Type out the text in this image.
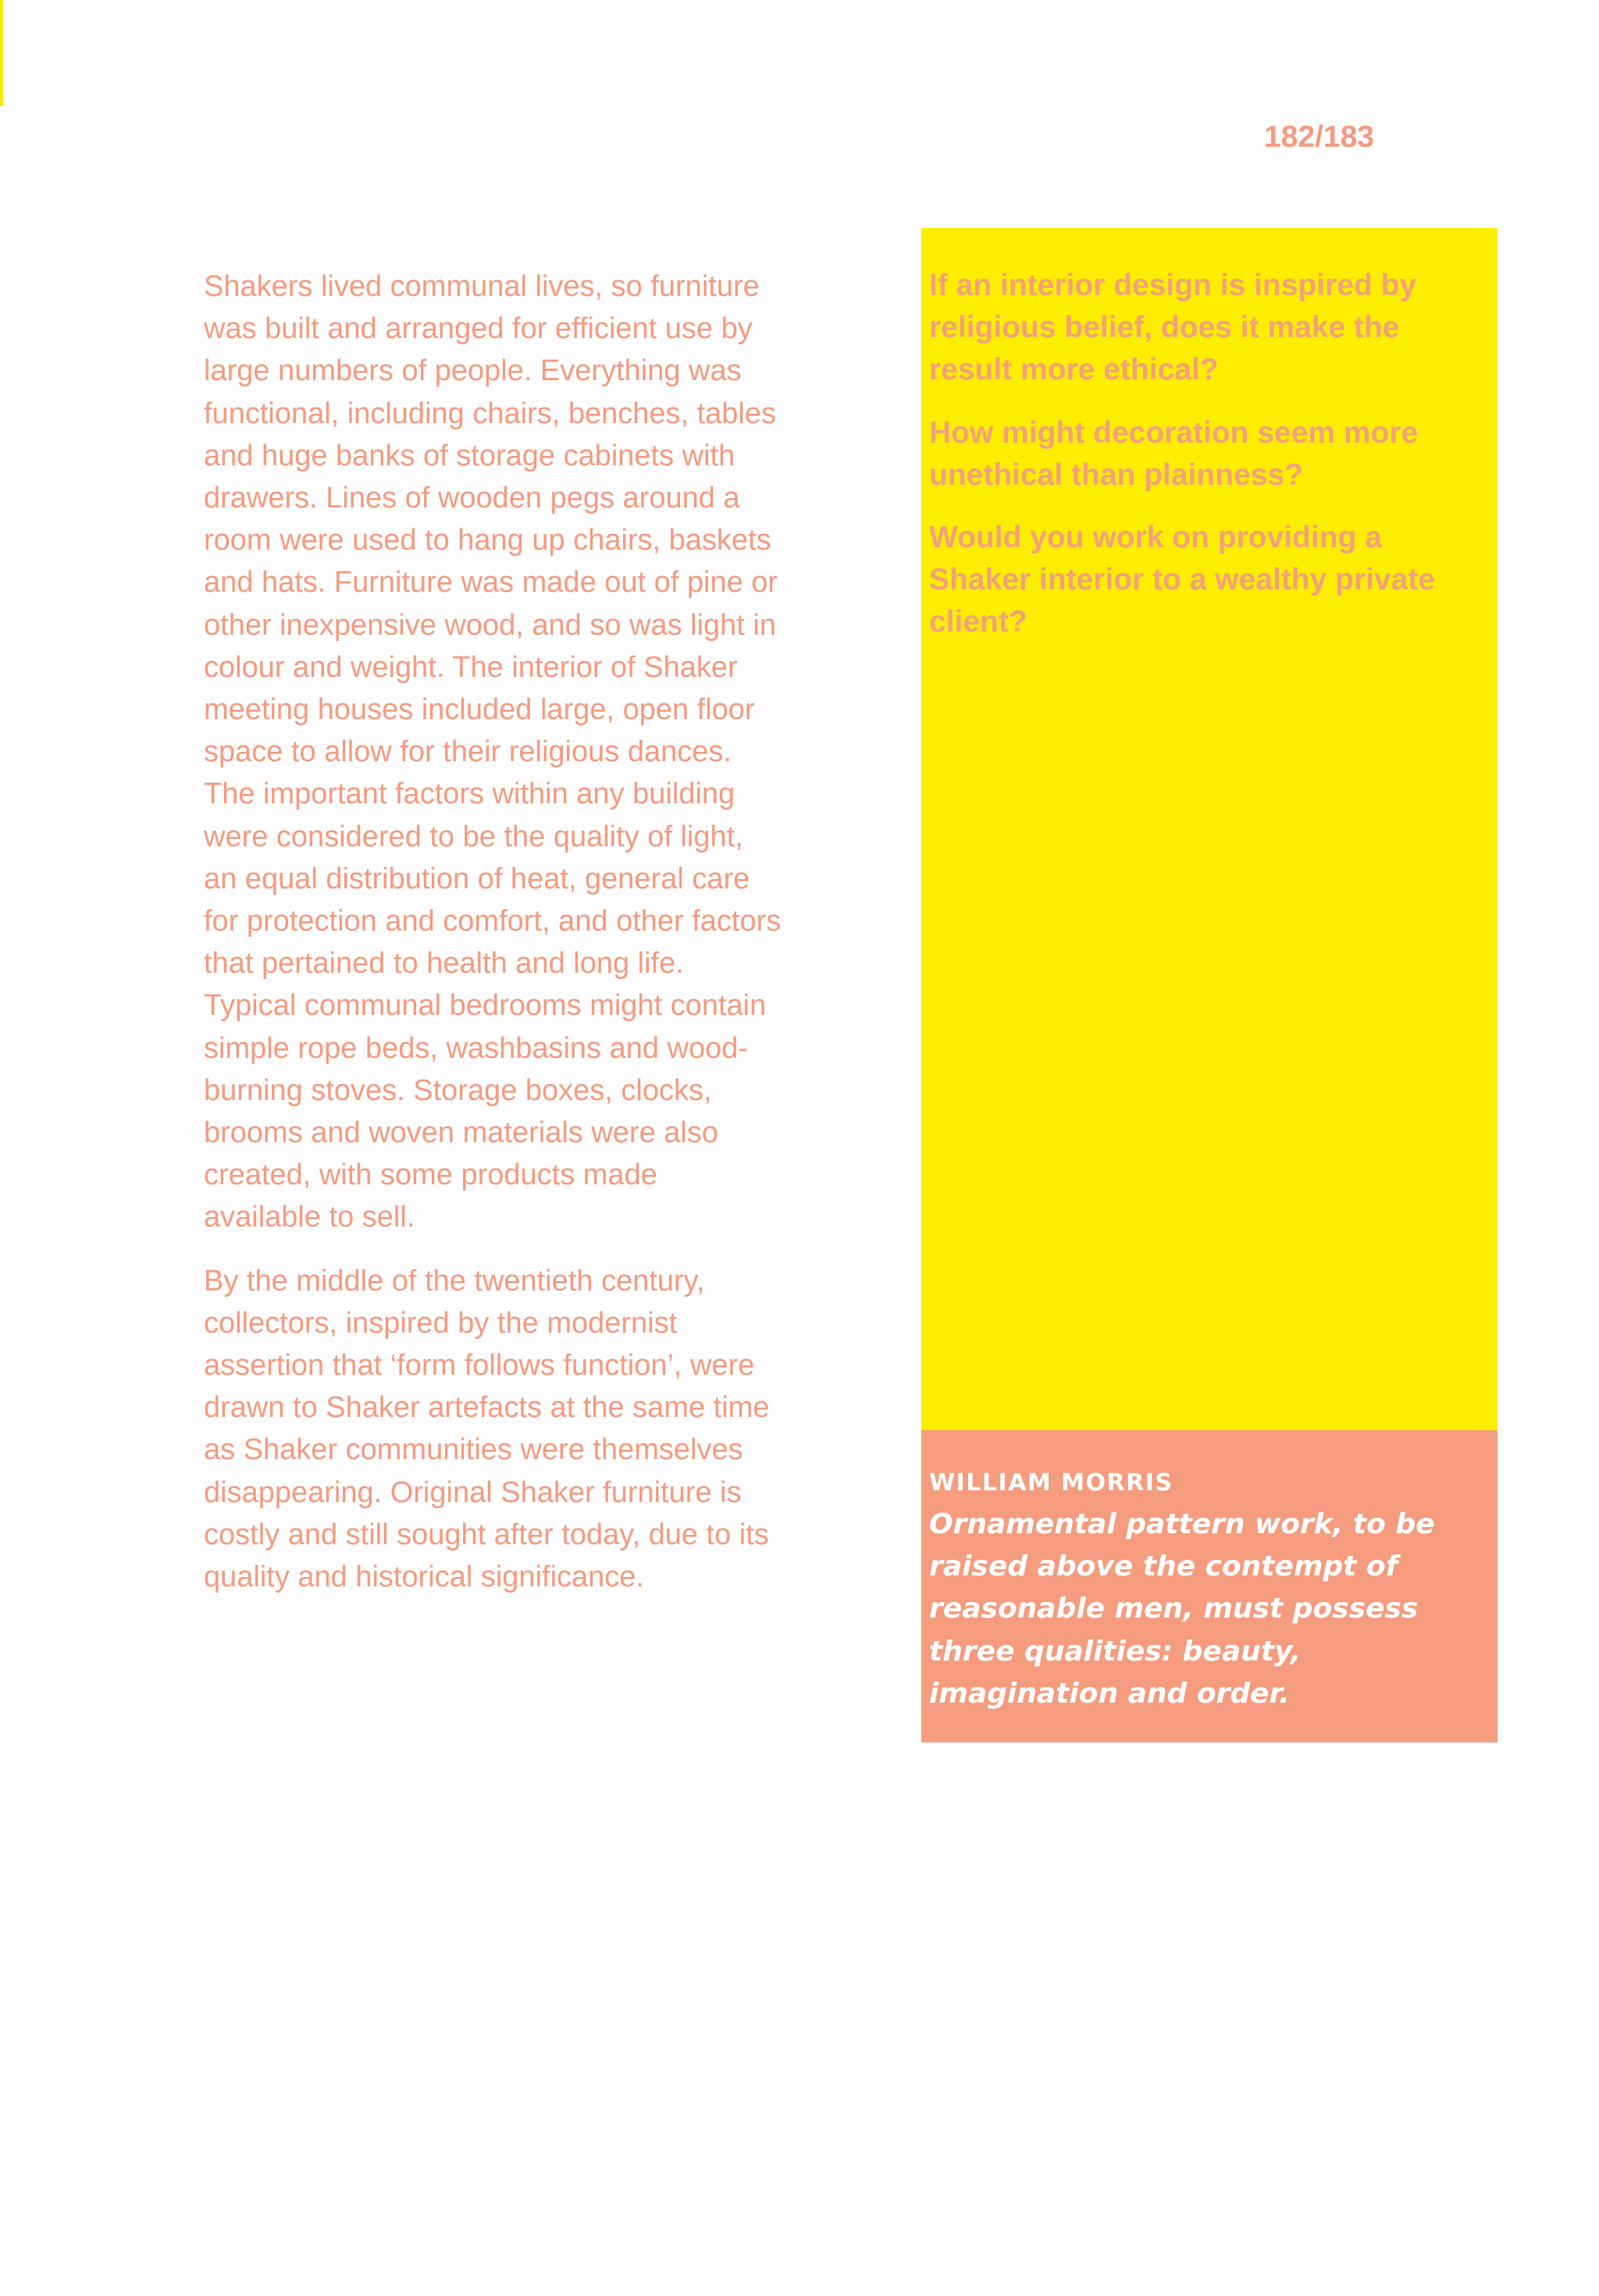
182/183

Shakers lived communal lives, so furniture was built and arranged for efficient use by large numbers of people. Everything was functional, including chairs, benches, tables and huge banks of storage cabinets with drawers. Lines of wooden pegs around a room were used to hang up chairs, baskets and hats. Furniture was made out of pine or other inexpensive wood, and so was light in colour and weight. The interior of Shaker meeting houses included large, open floor space to allow for their religious dances. The important factors within any building were considered to be the quality of light, an equal distribution of heat, general care for protection and comfort, and other factors that pertained to health and long life. Typical communal bedrooms might contain simple rope beds, washbasins and wood-burning stoves. Storage boxes, clocks, brooms and woven materials were also created, with some products made available to sell.

By the middle of the twentieth century, collectors, inspired by the modernist assertion that ‘form follows function’, were drawn to Shaker artefacts at the same time as Shaker communities were themselves disappearing. Original Shaker furniture is costly and still sought after today, due to its quality and historical significance.

If an interior design is inspired by religious belief, does it make the result more ethical?

How might decoration seem more unethical than plainness?

Would you work on providing a Shaker interior to a wealthy private client?

WILLIAM MORRIS

Ornamental pattern work, to be raised above the contempt of reasonable men, must possess three qualities: beauty, imagination and order.
